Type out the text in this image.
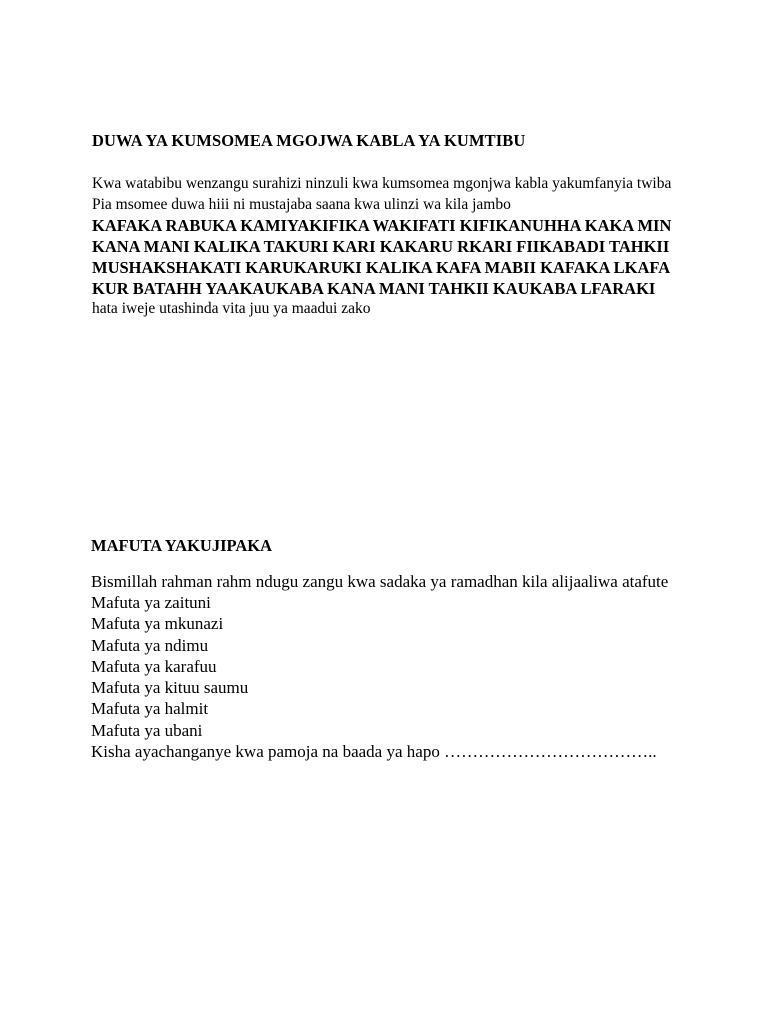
DUWA YA KUMSOMEA MGOJWA KABLA YA KUMTIBU

Kwa watabibu wenzangu surahizi ninzuli kwa kumsomea mgonjwa kabla yakumfanyia twiba

Pia msomee duwa hiii ni mustajaba saana kwa ulinzi wa kila jambo

KAFAKA RABUKA KAMIYAKIFIKA WAKIFATI KIFIKANUHHA KAKA MIN KANA MANI KALIKA TAKURI KARI KAKARU RKARI FIIKABADI TAHKII MUSHAKSHAKATI KARUKARUKI KALIKA KAFA MABII KAFAKA LKAFA KUR BATAHH YAAKAUKABA KANA MANI TAHKII KAUKABA LFARAKI

hata iweje utashinda vita juu ya maadui zako

MAFUTA YAKUJIPAKA

Bismillah rahman rahm ndugu zangu kwa sadaka ya ramadhan kila alijaaliwa atafute

Mafuta ya zaituni

Mafuta ya mkunazi

Mafuta ya ndimu

Mafuta ya karafuu

Mafuta ya kituu saumu

Mafuta ya halmit

Mafuta ya ubani

Kisha ayachanganye kwa pamoja na baada ya hapo ………………………………..
